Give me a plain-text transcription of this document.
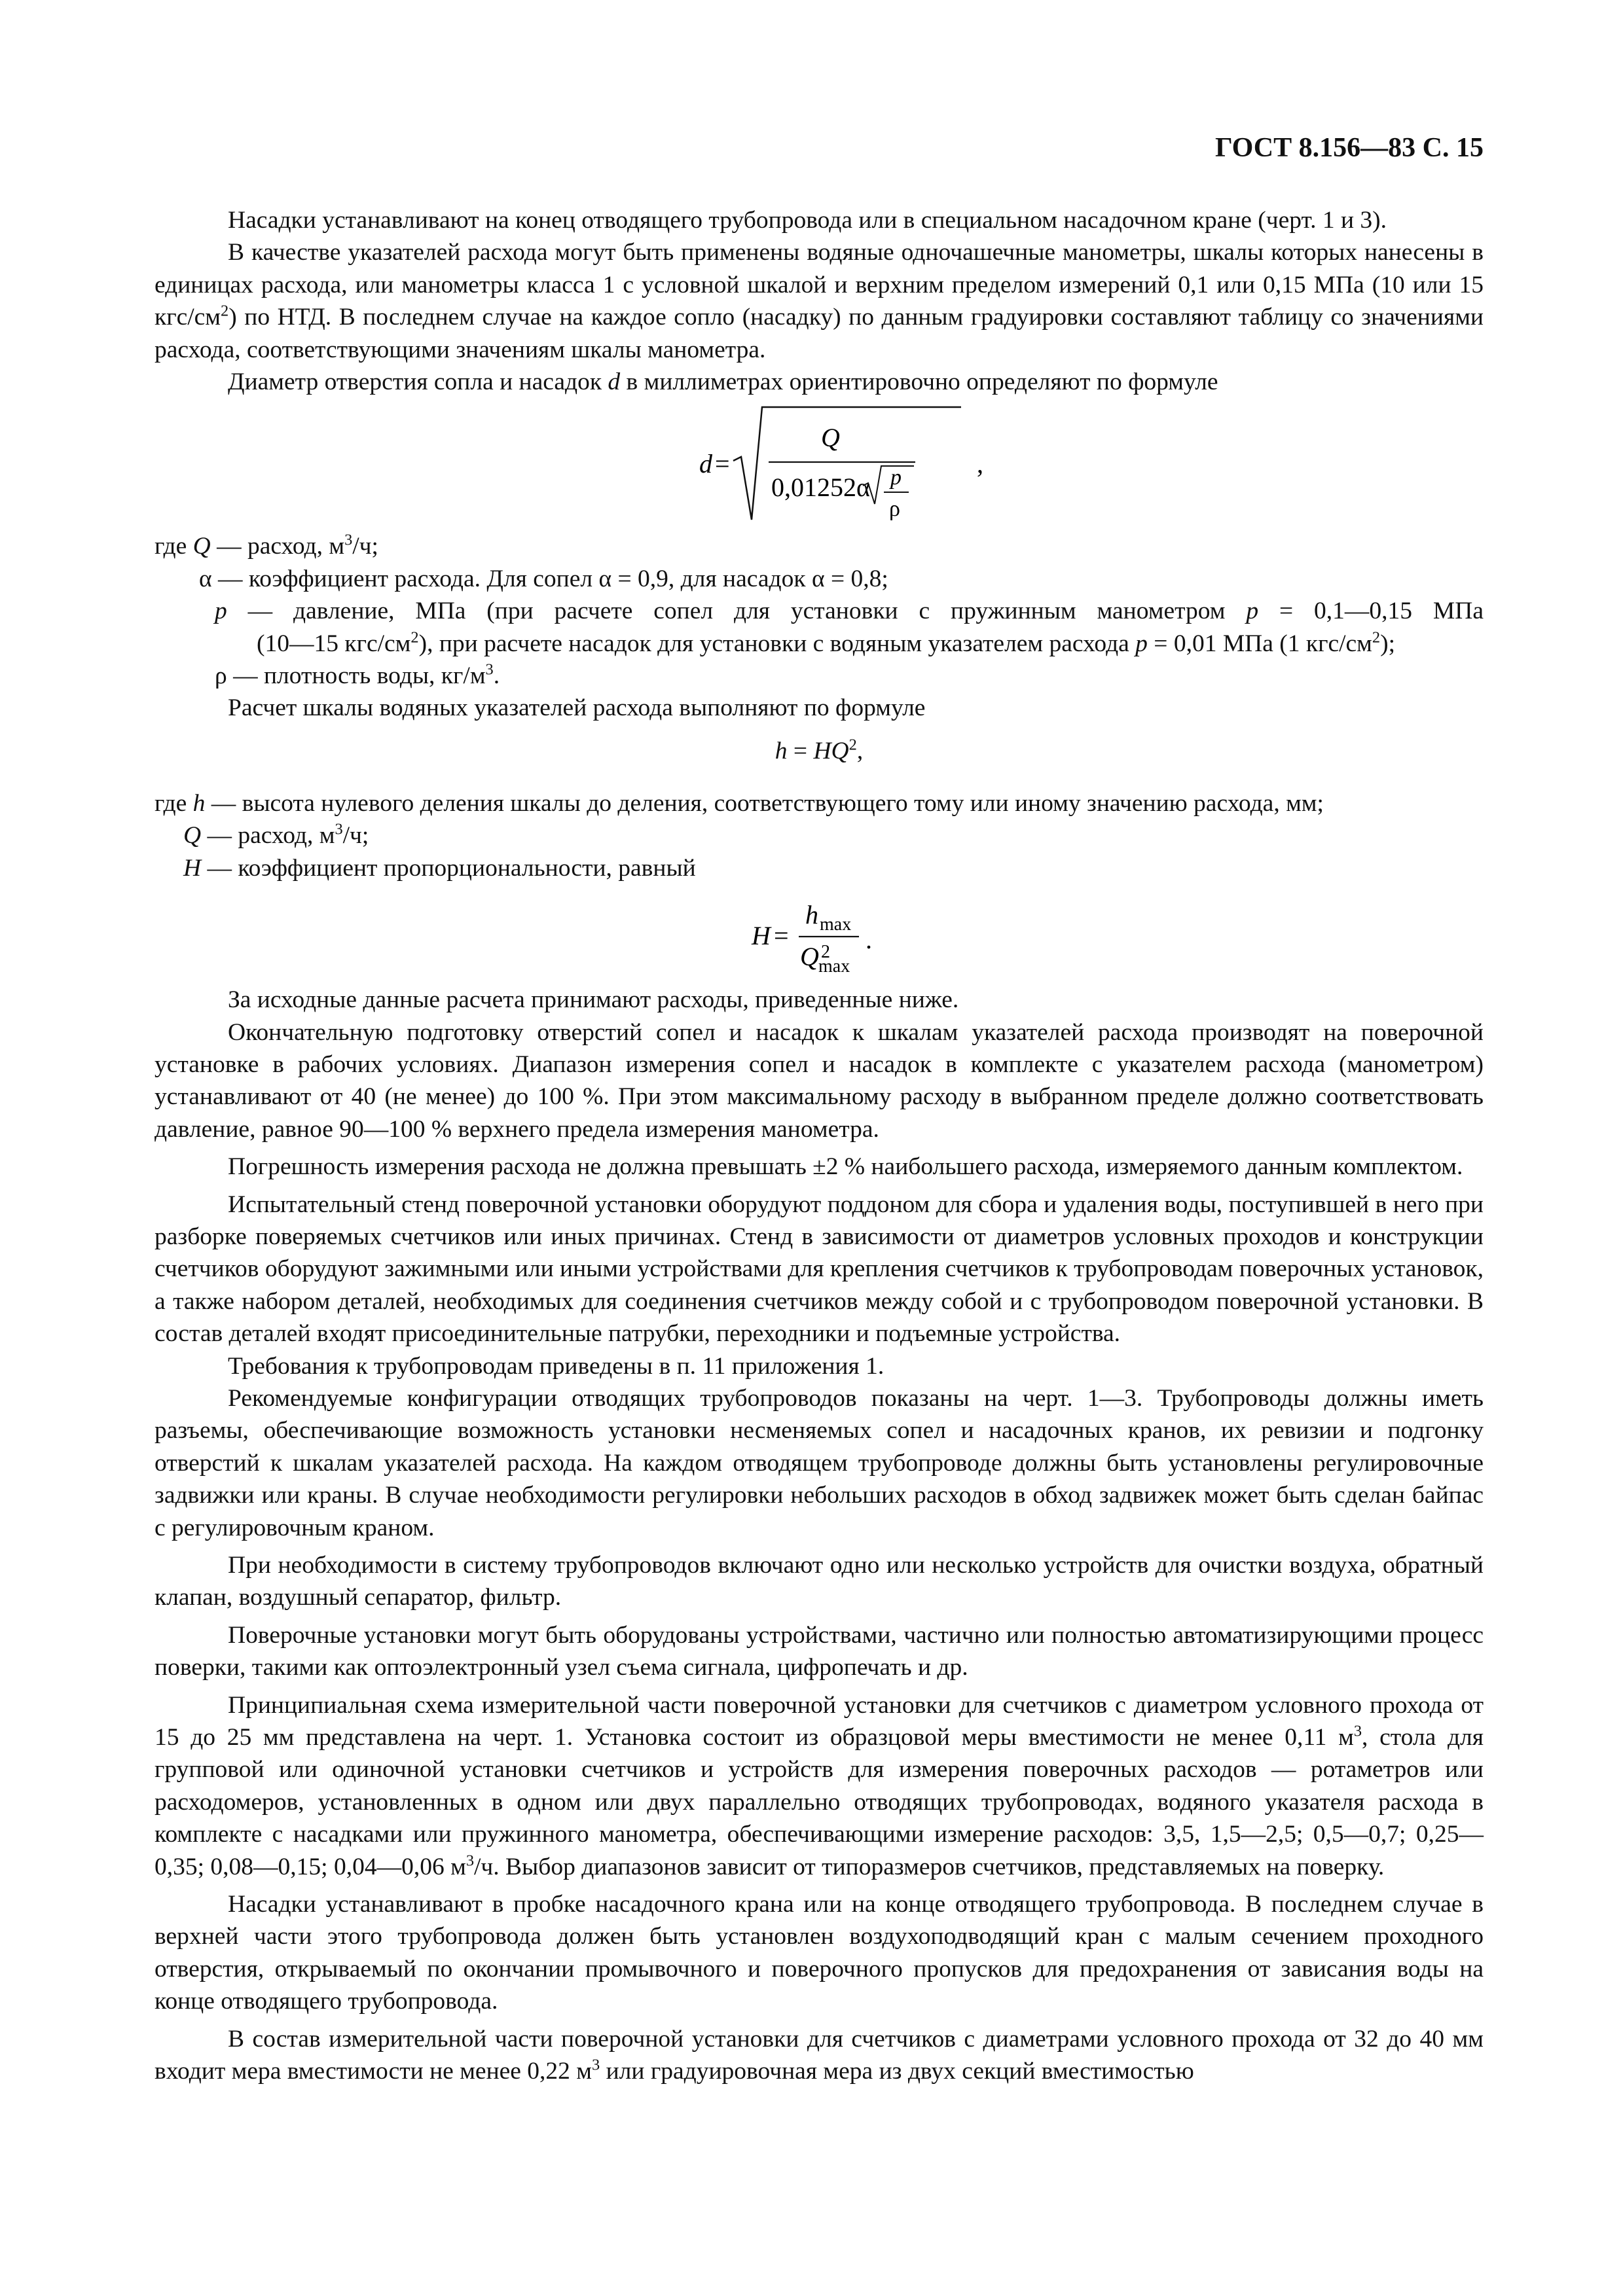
ГОСТ 8.156—83 С. 15

Насадки устанавливают на конец отводящего трубопровода или в специальном насадочном кране (черт. 1 и 3).

В качестве указателей расхода могут быть применены водяные одночашечные манометры, шкалы которых нанесены в единицах расхода, или манометры класса 1 с условной шкалой и верхним пределом измерений 0,1 или 0,15 МПа (10 или 15 кгс/$см^2$) по НТД. В последнем случае на каждое сопло (насадку) по данным градуировки составляют таблицу со значениями расхода, соответствующими значениям шкалы манометра.

Диаметр отверстия сопла и насадок d в миллиметрах ориентировочно определяют по формуле

d =
Q
0,01252α p
ρ
,

где Q — расход, $м^3/ч$;

α — коэффициент расхода. Для сопел α = 0,9, для насадок α = 0,8;

p — давление, МПа (при расчете сопел для установки с пружинным манометром p = 0,1—0,15 МПа

(10—15 кгс/$см^2$), при расчете насадок для установки с водяным указателем расхода p = 0,01 МПа (1 кгс/$см^2$);

ρ — плотность воды, $кг/м^3$.

Расчет шкалы водяных указателей расхода выполняют по формуле

$h = HQ^2$,

где h — высота нулевого деления шкалы до деления, соответствующего тому или иному значению расхода, мм;

Q — расход, $м^3/ч$;

H — коэффициент пропорциональности, равный

H =
h max
Q 2
max
.

За исходные данные расчета принимают расходы, приведенные ниже.

Окончательную подготовку отверстий сопел и насадок к шкалам указателей расхода производят на поверочной установке в рабочих условиях. Диапазон измерения сопел и насадок в комплекте с указателем расхода (манометром) устанавливают от 40 (не менее) до 100 %. При этом максимальному расходу в выбранном пределе должно соответствовать давление, равное 90—100 % верхнего предела измерения манометра.

Погрешность измерения расхода не должна превышать ±2 % наибольшего расхода, измеряемого данным комплектом.

Испытательный стенд поверочной установки оборудуют поддоном для сбора и удаления воды, поступившей в него при разборке поверяемых счетчиков или иных причинах. Стенд в зависимости от диаметров условных проходов и конструкции счетчиков оборудуют зажимными или иными устройствами для крепления счетчиков к трубопроводам поверочных установок, а также набором деталей, необходимых для соединения счетчиков между собой и с трубопроводом поверочной установки. В состав деталей входят присоединительные патрубки, переходники и подъемные устройства.

Требования к трубопроводам приведены в п. 11 приложения 1.

Рекомендуемые конфигурации отводящих трубопроводов показаны на черт. 1—3. Трубопроводы должны иметь разъемы, обеспечивающие возможность установки несменяемых сопел и насадочных кранов, их ревизии и подгонку отверстий к шкалам указателей расхода. На каждом отводящем трубопроводе должны быть установлены регулировочные задвижки или краны. В случае необходимости регулировки небольших расходов в обход задвижек может быть сделан байпас с регулировочным краном.

При необходимости в систему трубопроводов включают одно или несколько устройств для очистки воздуха, обратный клапан, воздушный сепаратор, фильтр.

Поверочные установки могут быть оборудованы устройствами, частично или полностью автоматизирующими процесс поверки, такими как оптоэлектронный узел съема сигнала, цифропечать и др.

Принципиальная схема измерительной части поверочной установки для счетчиков с диаметром условного прохода от 15 до 25 мм представлена на черт. 1. Установка состоит из образцовой меры вместимости не менее 0,11 $м^3$, стола для групповой или одиночной установки счетчиков и устройств для измерения поверочных расходов — ротаметров или расходомеров, установленных в одном или двух параллельно отводящих трубопроводах, водяного указателя расхода в комплекте с насадками или пружинного манометра, обеспечивающими измерение расходов: 3,5, 1,5—2,5; 0,5—0,7; 0,25—0,35; 0,08—0,15; 0,04—0,06 $м^3/ч$. Выбор диапазонов зависит от типоразмеров счетчиков, представляемых на поверку.

Насадки устанавливают в пробке насадочного крана или на конце отводящего трубопровода. В последнем случае в верхней части этого трубопровода должен быть установлен воздухоподводящий кран с малым сечением проходного отверстия, открываемый по окончании промывочного и поверочного пропусков для предохранения от зависания воды на конце отводящего трубопровода.

В состав измерительной части поверочной установки для счетчиков с диаметрами условного прохода от 32 до 40 мм входит мера вместимости не менее 0,22 $м^3$ или градуировочная мера из двух секций вместимостью
